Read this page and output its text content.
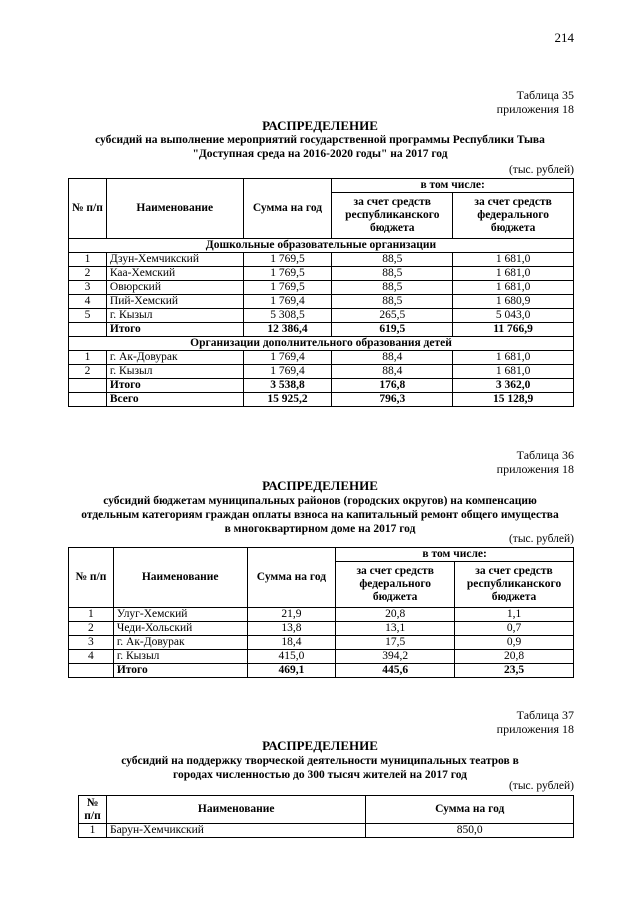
214
Таблица 35
приложения 18
РАСПРЕДЕЛЕНИЕ
субсидий на выполнение мероприятий государственной программы Республики Тыва "Доступная среда на 2016-2020 годы" на 2017 год
(тыс. рублей)
№ п/п	Наименование	Сумма на год	в том числе:	
			за счет средств республиканского бюджета	за счет средств федерального бюджета
Дошкольные образовательные организации				
1	Дзун-Хемчикский	1 769,5	88,5	1 681,0
2	Каа-Хемский	1 769,5	88,5	1 681,0
3	Овюрский	1 769,5	88,5	1 681,0
4	Пий-Хемский	1 769,4	88,5	1 680,9
5	г. Кызыл	5 308,5	265,5	5 043,0
	Итого	12 386,4	619,5	11 766,9
Организации дополнительного образования детей				
1	г. Ак-Довурак	1 769,4	88,4	1 681,0
2	г. Кызыл	1 769,4	88,4	1 681,0
	Итого	3 538,8	176,8	3 362,0
	Всего	15 925,2	796,3	15 128,9
Таблица 36
приложения 18
РАСПРЕДЕЛЕНИЕ
субсидий бюджетам муниципальных районов (городских округов) на компенсацию отдельным категориям граждан оплаты взноса на капитальный ремонт общего имущества в многоквартирном доме на 2017 год
(тыс. рублей)
№ п/п	Наименование	Сумма на год	в том числе:	
			за счет средств федерального бюджета	за счет средств республиканского бюджета
1	Улуг-Хемский	21,9	20,8	1,1
2	Чеди-Хольский	13,8	13,1	0,7
3	г. Ак-Довурак	18,4	17,5	0,9
4	г. Кызыл	415,0	394,2	20,8
	Итого	469,1	445,6	23,5
Таблица 37
приложения 18
РАСПРЕДЕЛЕНИЕ
субсидий на поддержку творческой деятельности муниципальных театров в городах численностью до 300 тысяч жителей на 2017 год
(тыс. рублей)
№ п/п	Наименование	Сумма на год
1	Барун-Хемчикский	850,0
